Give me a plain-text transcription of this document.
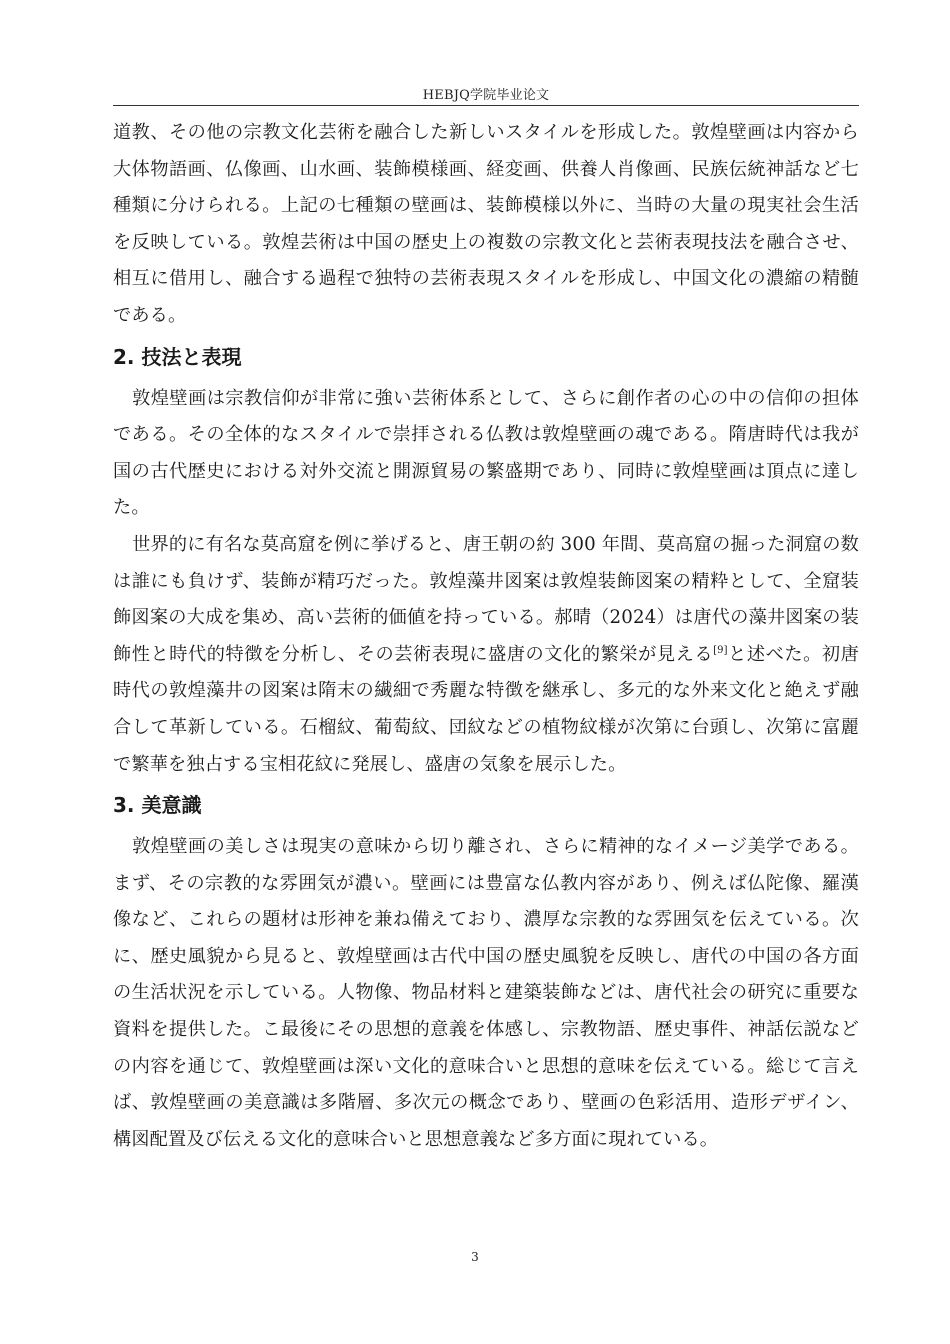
HEBJQ学院毕业论文

道教、その他の宗教文化芸術を融合した新しいスタイルを形成した。敦煌壁画は内容から大体物語画、仏像画、山水画、装飾模様画、経変画、供養人肖像画、民族伝統神話など七種類に分けられる。上記の七種類の壁画は、装飾模様以外に、当時の大量の現実社会生活を反映している。敦煌芸術は中国の歴史上の複数の宗教文化と芸術表現技法を融合させ、相互に借用し、融合する過程で独特の芸術表現スタイルを形成し、中国文化の濃縮の精髄である。

2. 技法と表現

敦煌壁画は宗教信仰が非常に強い芸術体系として、さらに創作者の心の中の信仰の担体である。その全体的なスタイルで崇拝される仏教は敦煌壁画の魂である。隋唐時代は我が国の古代歴史における対外交流と開源貿易の繁盛期であり、同時に敦煌壁画は頂点に達した。

世界的に有名な莫高窟を例に挙げると、唐王朝の約 300 年間、莫高窟の掘った洞窟の数は誰にも負けず、装飾が精巧だった。敦煌藻井図案は敦煌装飾図案の精粋として、全窟装飾図案の大成を集め、高い芸術的価値を持っている。郝晴（2024）は唐代の藻井図案の装飾性と時代的特徴を分析し、その芸術表現に盛唐の文化的繁栄が見える[9]と述べた。初唐時代の敦煌藻井の図案は隋末の繊細で秀麗な特徴を継承し、多元的な外来文化と絶えず融合して革新している。石榴紋、葡萄紋、団紋などの植物紋様が次第に台頭し、次第に富麗で繁華を独占する宝相花紋に発展し、盛唐の気象を展示した。

3. 美意識

敦煌壁画の美しさは現実の意味から切り離され、さらに精神的なイメージ美学である。まず、その宗教的な雰囲気が濃い。壁画には豊富な仏教内容があり、例えば仏陀像、羅漢像など、これらの題材は形神を兼ね備えており、濃厚な宗教的な雰囲気を伝えている。次に、歴史風貌から見ると、敦煌壁画は古代中国の歴史風貌を反映し、唐代の中国の各方面の生活状況を示している。人物像、物品材料と建築装飾などは、唐代社会の研究に重要な資料を提供した。こ最後にその思想的意義を体感し、宗教物語、歴史事件、神話伝説などの内容を通じて、敦煌壁画は深い文化的意味合いと思想的意味を伝えている。総じて言えば、敦煌壁画の美意識は多階層、多次元の概念であり、壁画の色彩活用、造形デザイン、構図配置及び伝える文化的意味合いと思想意義など多方面に現れている。

3
